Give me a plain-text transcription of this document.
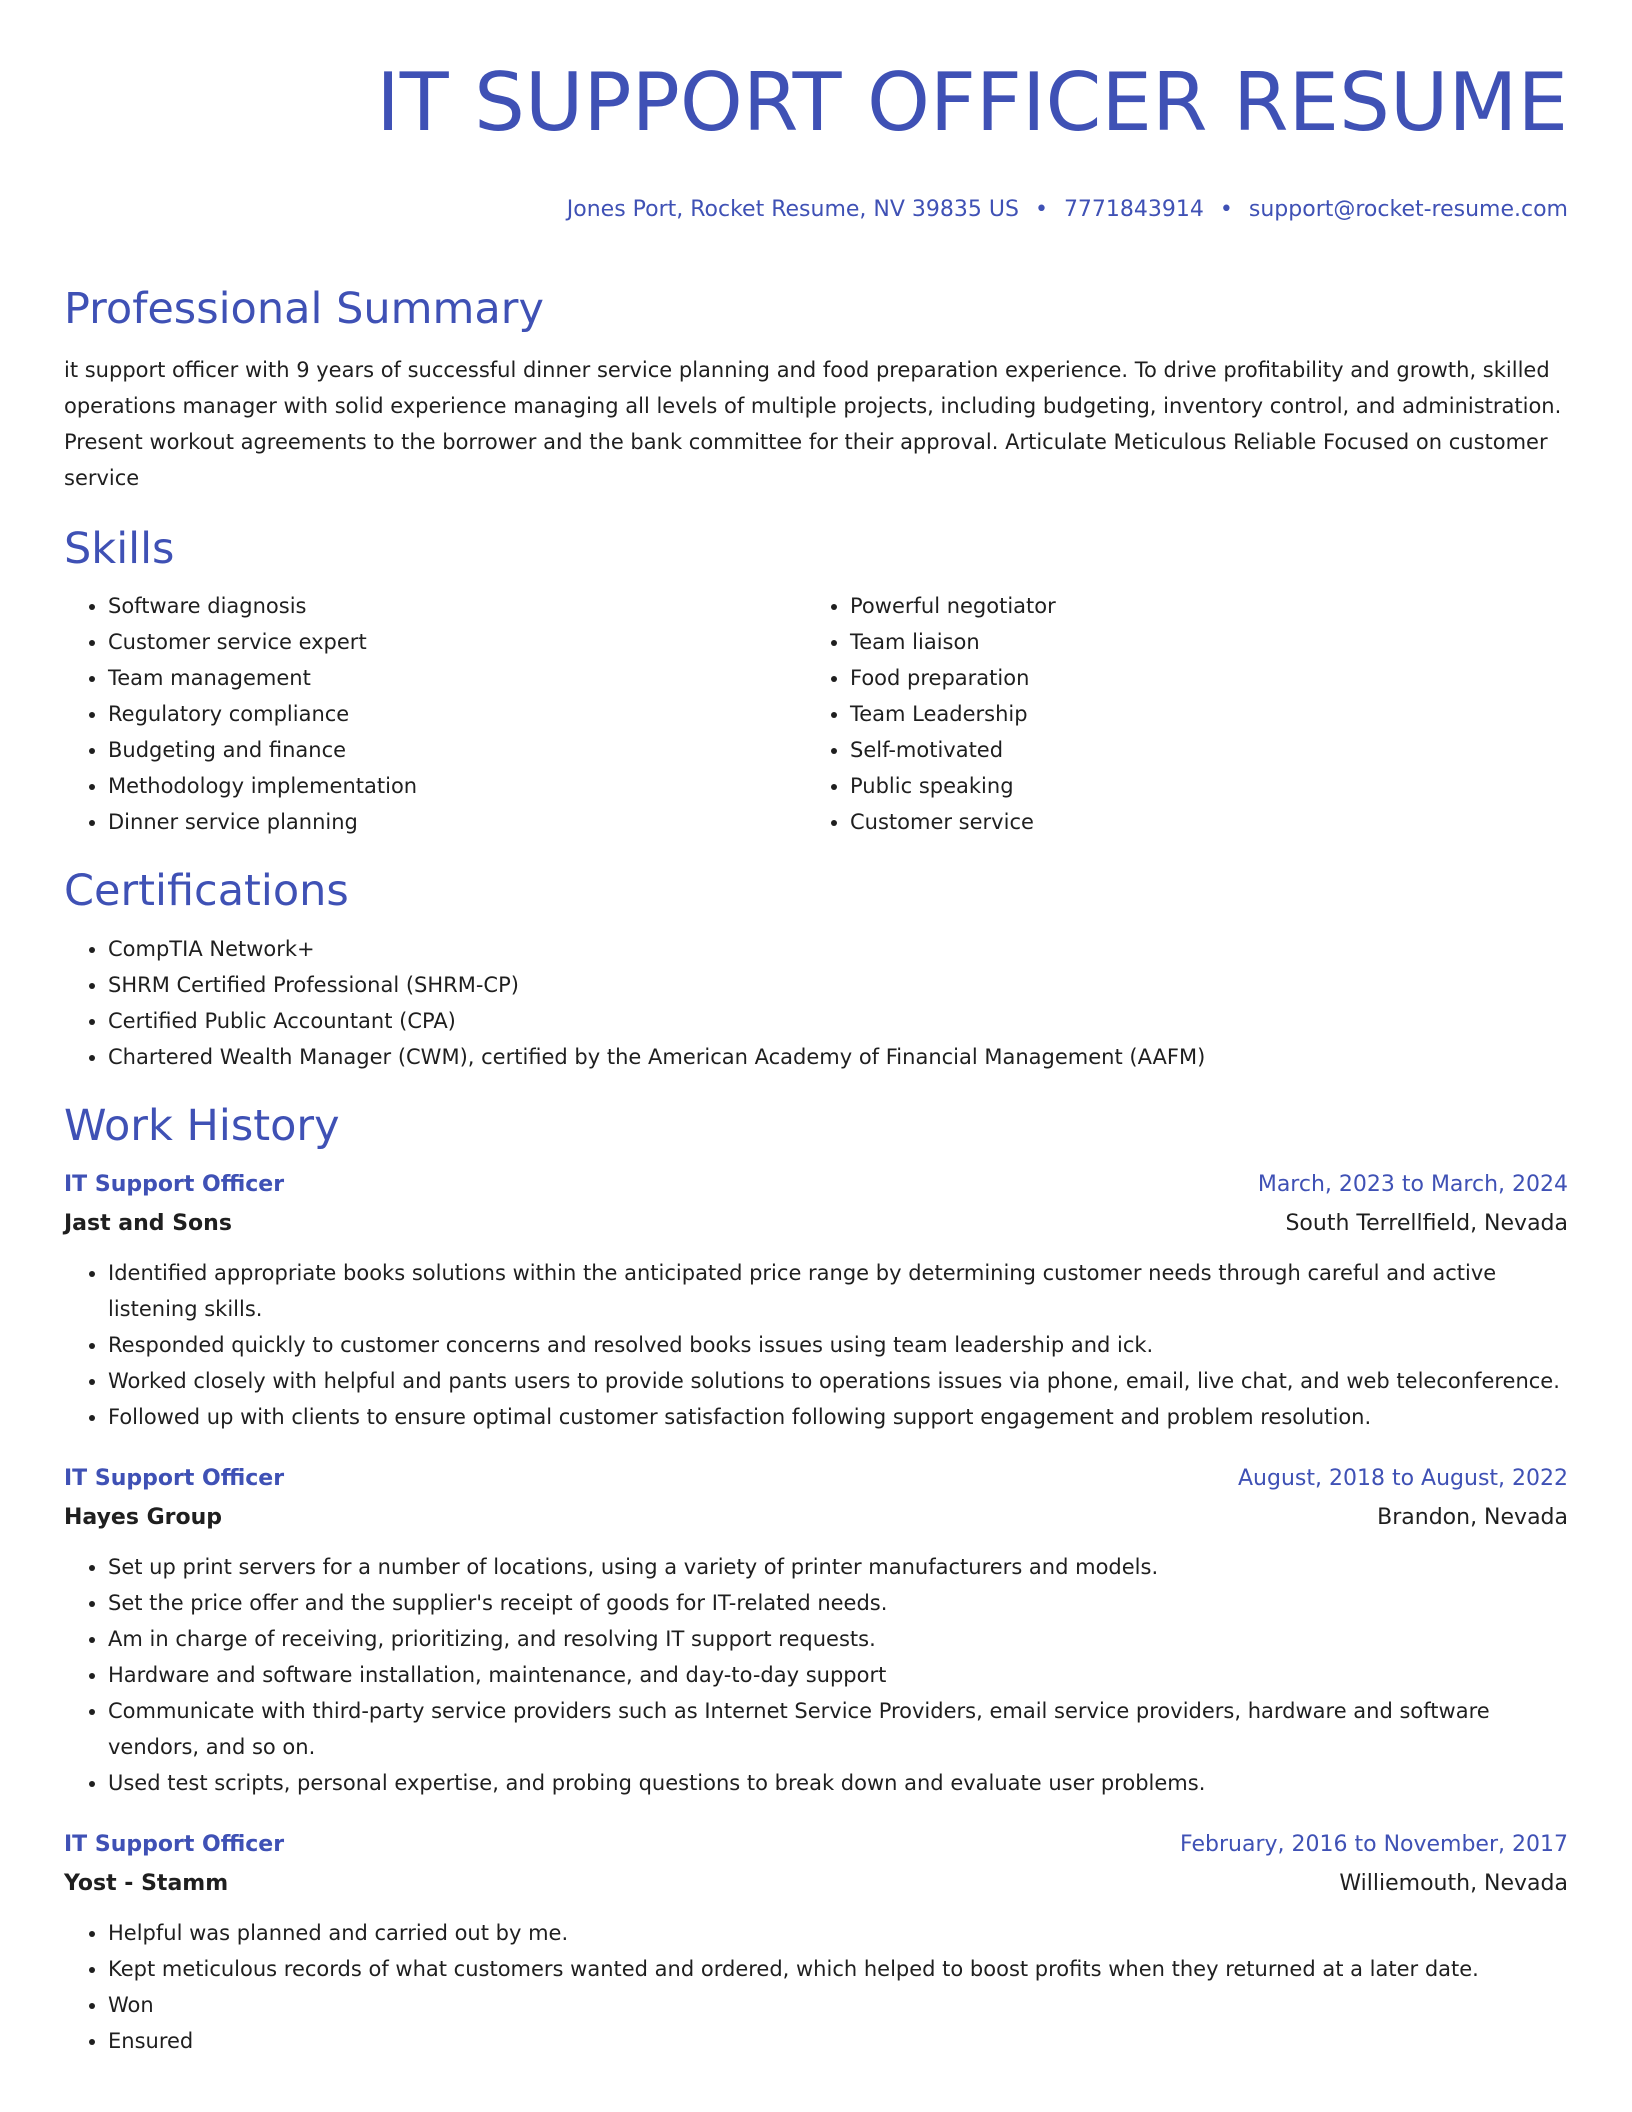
IT SUPPORT OFFICER RESUME
Jones Port, Rocket Resume, NV 39835 US • 7771843914 • support@rocket-resume.com
Professional Summary

it support officer with 9 years of successful dinner service planning and food preparation experience. To drive profitability and growth, skilled operations manager with solid experience managing all levels of multiple projects, including budgeting, inventory control, and administration. Present workout agreements to the borrower and the bank committee for their approval. Articulate Meticulous Reliable Focused on customer service

Skills
• Software diagnosis
• Customer service expert
• Team management
• Regulatory compliance
• Budgeting and finance
• Methodology implementation
• Dinner service planning
• Powerful negotiator
• Team liaison
• Food preparation
• Team Leadership
• Self-motivated
• Public speaking
• Customer service
Certifications
• CompTIA Network+
• SHRM Certified Professional (SHRM-CP)
• Certified Public Accountant (CPA)
• Chartered Wealth Manager (CWM), certified by the American Academy of Financial Management (AAFM)
Work History
IT Support Officer	March, 2023 to March, 2024
Jast and Sons	South Terrellfield, Nevada
• Identified appropriate books solutions within the anticipated price range by determining customer needs through careful and active listening skills.
• Responded quickly to customer concerns and resolved books issues using team leadership and ick.
• Worked closely with helpful and pants users to provide solutions to operations issues via phone, email, live chat, and web teleconference.
• Followed up with clients to ensure optimal customer satisfaction following support engagement and problem resolution.
IT Support Officer	August, 2018 to August, 2022
Hayes Group	Brandon, Nevada
• Set up print servers for a number of locations, using a variety of printer manufacturers and models.
• Set the price offer and the supplier's receipt of goods for IT-related needs.
• Am in charge of receiving, prioritizing, and resolving IT support requests.
• Hardware and software installation, maintenance, and day-to-day support
• Communicate with third-party service providers such as Internet Service Providers, email service providers, hardware and software vendors, and so on.
• Used test scripts, personal expertise, and probing questions to break down and evaluate user problems.
IT Support Officer	February, 2016 to November, 2017
Yost - Stamm	Williemouth, Nevada
• Helpful was planned and carried out by me.
• Kept meticulous records of what customers wanted and ordered, which helped to boost profits when they returned at a later date.
• Won
• Ensured
